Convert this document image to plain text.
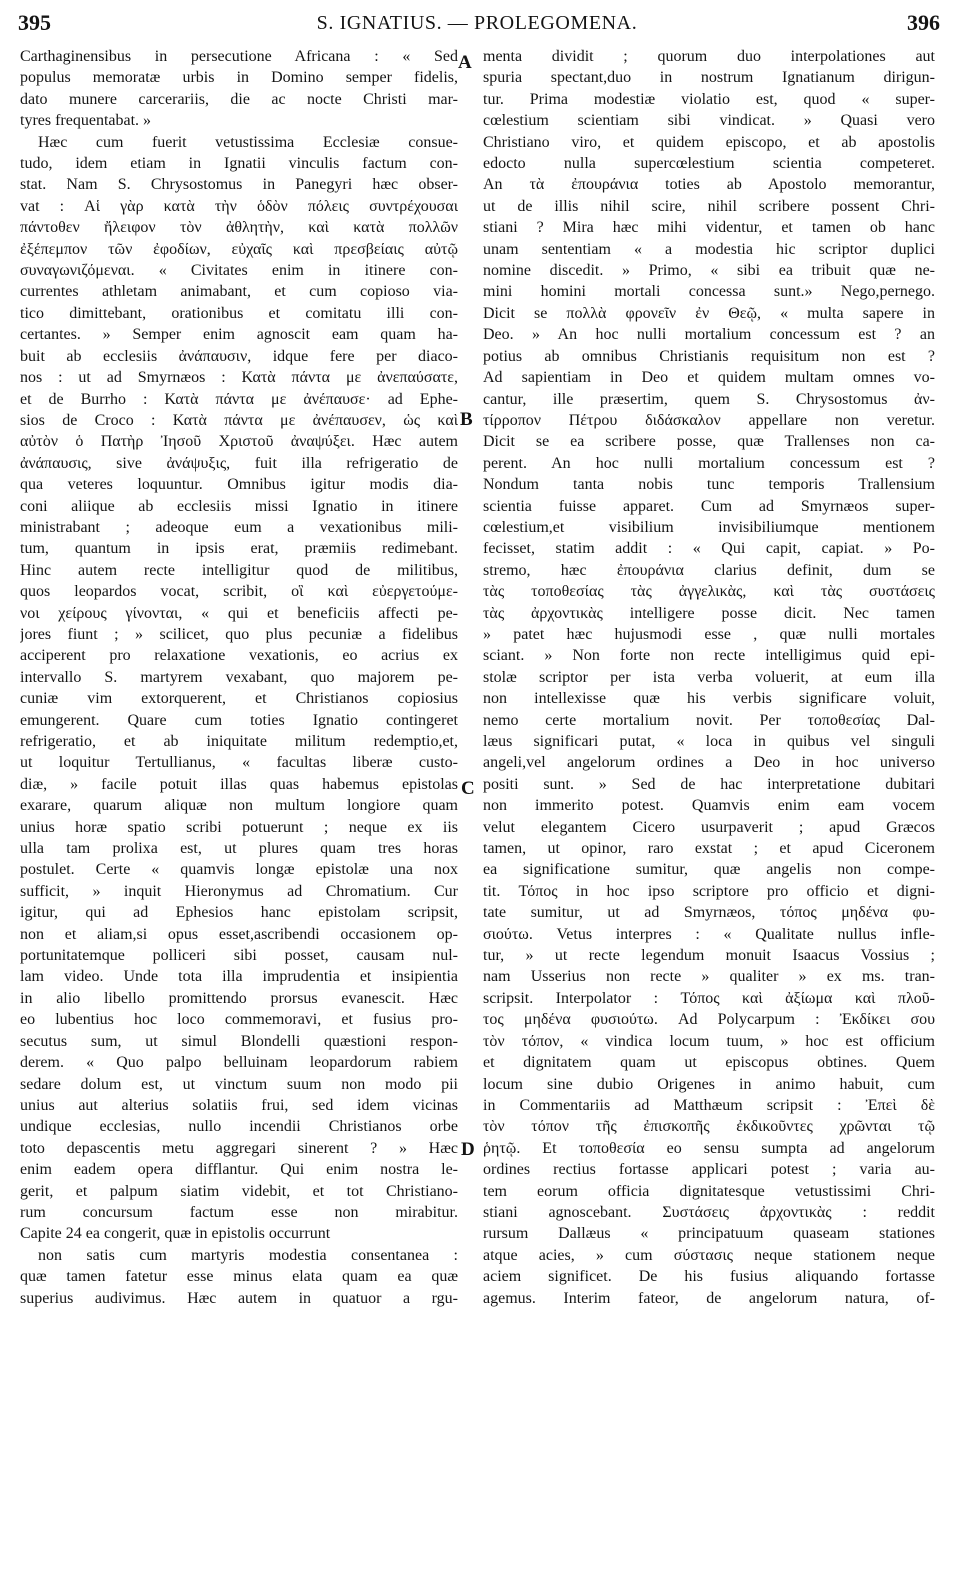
395	S. IGNATIUS. — PROLEGOMENA.	396
Carthaginensibus in persecutione Africana : « Sed
populus memoratæ urbis in Domino semper fidelis,
dato munere carcerariis, die ac nocte Christi mar-
tyres frequentabat. »
Hæc cum fuerit vetustissima Ecclesiæ consue-
tudo, idem etiam in Ignatii vinculis factum con-
stat. Nam S. Chrysostomus in Panegyri hæc obser-
vat : Αἱ γὰρ κατὰ τὴν ὁδὸν πόλεις συντρέχουσαι
πάντοθεν ἤλειφον τὸν ἀθλητὴν, καὶ κατὰ πολλῶν
ἐξέπεμπον τῶν ἐφοδίων, εὐχαῖς καὶ πρεσβείαις αὐτῷ
συναγωνιζόμεναι. « Civitates enim in itinere con-
currentes athletam animabant, et cum copioso via-
tico dimittebant, orationibus et comitatu illi con-
certantes. » Semper enim agnoscit eam quam ha-
buit ab ecclesiis ἀνάπαυσιν, idque fere per diaco-
nos : ut ad Smyrnæos : Κατὰ πάντα με ἀνεπαύσατε,
et de Burrho : Κατὰ πάντα με ἀνέπαυσε· ad Ephe-
sios de Croco : Κατὰ πάντα με ἀνέπαυσεν, ὡς καὶ
αὐτὸν ὁ Πατὴρ Ἰησοῦ Χριστοῦ ἀναψύξει. Hæc autem
ἀνάπαυσις, sive ἀνάψυξις, fuit illa refrigeratio de
qua veteres loquuntur. Omnibus igitur modis dia-
coni aliique ab ecclesiis missi Ignatio in itinere
ministrabant ; adeoque eum a vexationibus mili-
tum, quantum in ipsis erat, præmiis redimebant.
Hinc autem recte intelligitur quod de militibus,
quos leopardos vocat, scribit, οἳ καὶ εὐεργετούμε-
νοι χείρους γίνονται, « qui et beneficiis affecti pe-
jores fiunt ; » scilicet, quo plus pecuniæ a fidelibus
acciperent pro relaxatione vexationis, eo acrius ex
intervallo S. martyrem vexabant, quo majorem pe-
cuniæ vim extorquerent, et Christianos copiosius
emungerent. Quare cum toties Ignatio contingeret
refrigeratio, et ab iniquitate militum redemptio,et,
ut loquitur Tertullianus, « facultas liberæ custo-
diæ, » facile potuit illas quas habemus epistolas
exarare, quarum aliquæ non multum longiore quam
unius horæ spatio scribi potuerunt ; neque ex iis
ulla tam prolixa est, ut plures quam tres horas
postulet. Certe « quamvis longæ epistolæ una nox
sufficit, » inquit Hieronymus ad Chromatium. Cur
igitur, qui ad Ephesios hanc epistolam scripsit,
non et aliam,si opus esset,ascribendi occasionem op-
portunitatemque polliceri sibi posset, causam nul-
lam video. Unde tota illa imprudentia et insipientia
in alio libello promittendo prorsus evanescit. Hæc
eo lubentius hoc loco commemoravi, et fusius pro-
secutus sum, ut simul Blondelli quæstioni respon-
derem. « Quo palpo belluinam leopardorum rabiem
sedare dolum est, ut vinctum suum non modo pii
unius aut alterius solatiis frui, sed idem vicinas
undique ecclesias, nullo incendii Christianos orbe
toto depascentis metu aggregari sinerent ? » Hæc
enim eadem opera difflantur. Qui enim nostra le-
gerit, et palpum siatim videbit, et tot Christiano-
rum concursum factum esse non mirabitur.
Capite 24 ea congerit, quæ in epistolis occurrunt
non satis cum martyris modestia consentanea :
quæ tamen fatetur esse minus elata quam ea quæ
superius audivimus. Hæc autem in quatuor a rgu-
A
B
C
D
menta dividit ; quorum duo interpolationes aut
spuria spectant,duo in nostrum Ignatianum dirigun-
tur. Prima modestiæ violatio est, quod « super-
cœlestium scientiam sibi vindicat. » Quasi vero
Christiano viro, et quidem episcopo, et ab apostolis
edocto nulla supercœlestium scientia competeret.
An τὰ ἐπουράνια toties ab Apostolo memorantur,
ut de illis nihil scire, nihil scribere possent Chri-
stiani ? Mira hæc mihi videntur, et tamen ob hanc
unam sententiam « a modestia hic scriptor duplici
nomine discedit. » Primo, « sibi ea tribuit quæ ne-
mini homini mortali concessa sunt.» Nego,pernego.
Dicit se πολλὰ φρονεῖν ἐν Θεῷ, « multa sapere in
Deo. » An hoc nulli mortalium concessum est ? an
potius ab omnibus Christianis requisitum non est ?
Ad sapientiam in Deo et quidem multam omnes vo-
cantur, ille præsertim, quem S. Chrysostomus ἀν-
τίρροπον Πέτρου διδάσκαλον appellare non veretur.
Dicit se ea scribere posse, quæ Trallenses non ca-
perent. An hoc nulli mortalium concessum est ?
Nondum tanta nobis tunc temporis Trallensium
scientia fuisse apparet. Cum ad Smyrnæos super-
cœlestium,et visibilium invisibiliumque mentionem
fecisset, statim addit : « Qui capit, capiat. » Po-
stremo, hæc ἐπουράνια clarius definit, dum se
τὰς τοποθεσίας τὰς ἀγγελικὰς, καὶ τὰς συστάσεις
τὰς ἀρχοντικὰς intelligere posse dicit. Nec tamen
» patet hæc hujusmodi esse , quæ nulli mortales
sciant. » Non forte non recte intelligimus quid epi-
stolæ scriptor per ista verba voluerit, at eum illa
non intellexisse quæ his verbis significare voluit,
nemo certe mortalium novit. Per τοποθεσίας Dal-
læus significari putat, « loca in quibus vel singuli
angeli,vel angelorum ordines a Deo in hoc universo
positi sunt. » Sed de hac interpretatione dubitari
non immerito potest. Quamvis enim eam vocem
velut elegantem Cicero usurpaverit ; apud Græcos
tamen, ut opinor, raro exstat ; et apud Ciceronem
ea significatione sumitur, quæ angelis non compe-
tit. Τόπος in hoc ipso scriptore pro officio et digni-
tate sumitur, ut ad Smyrnæos, τόπος μηδένα φυ-
σιούτω. Vetus interpres : « Qualitate nullus infle-
tur, » ut recte legendum monuit Isaacus Vossius ;
nam Usserius non recte » qualiter » ex ms. tran-
scripsit. Interpolator : Τόπος καὶ ἀξίωμα καὶ πλοῦ-
τος μηδένα φυσιούτω. Ad Polycarpum : Ἐκδίκει σου
τὸν τόπον, « vindica locum tuum, » hoc est officium
et dignitatem quam ut episcopus obtines. Quem
locum sine dubio Origenes in animo habuit, cum
in Commentariis ad Matthæum scripsit : Ἐπεὶ δὲ
τὸν τόπον τῆς ἐπισκοπῆς ἐκδικοῦντες χρῶνται τῷ
ῥητῷ. Et τοποθεσία eo sensu sumpta ad angelorum
ordines rectius fortasse applicari potest ; varia au-
tem eorum officia dignitatesque vetustissimi Chri-
stiani agnoscebant. Συστάσεις ἀρχοντικὰς : reddit
rursum Dallæus « principatuum quaseam stationes
atque acies, » cum σύστασις neque stationem neque
aciem significet. De his fusius aliquando fortasse
agemus. Interim fateor, de angelorum natura, of-
